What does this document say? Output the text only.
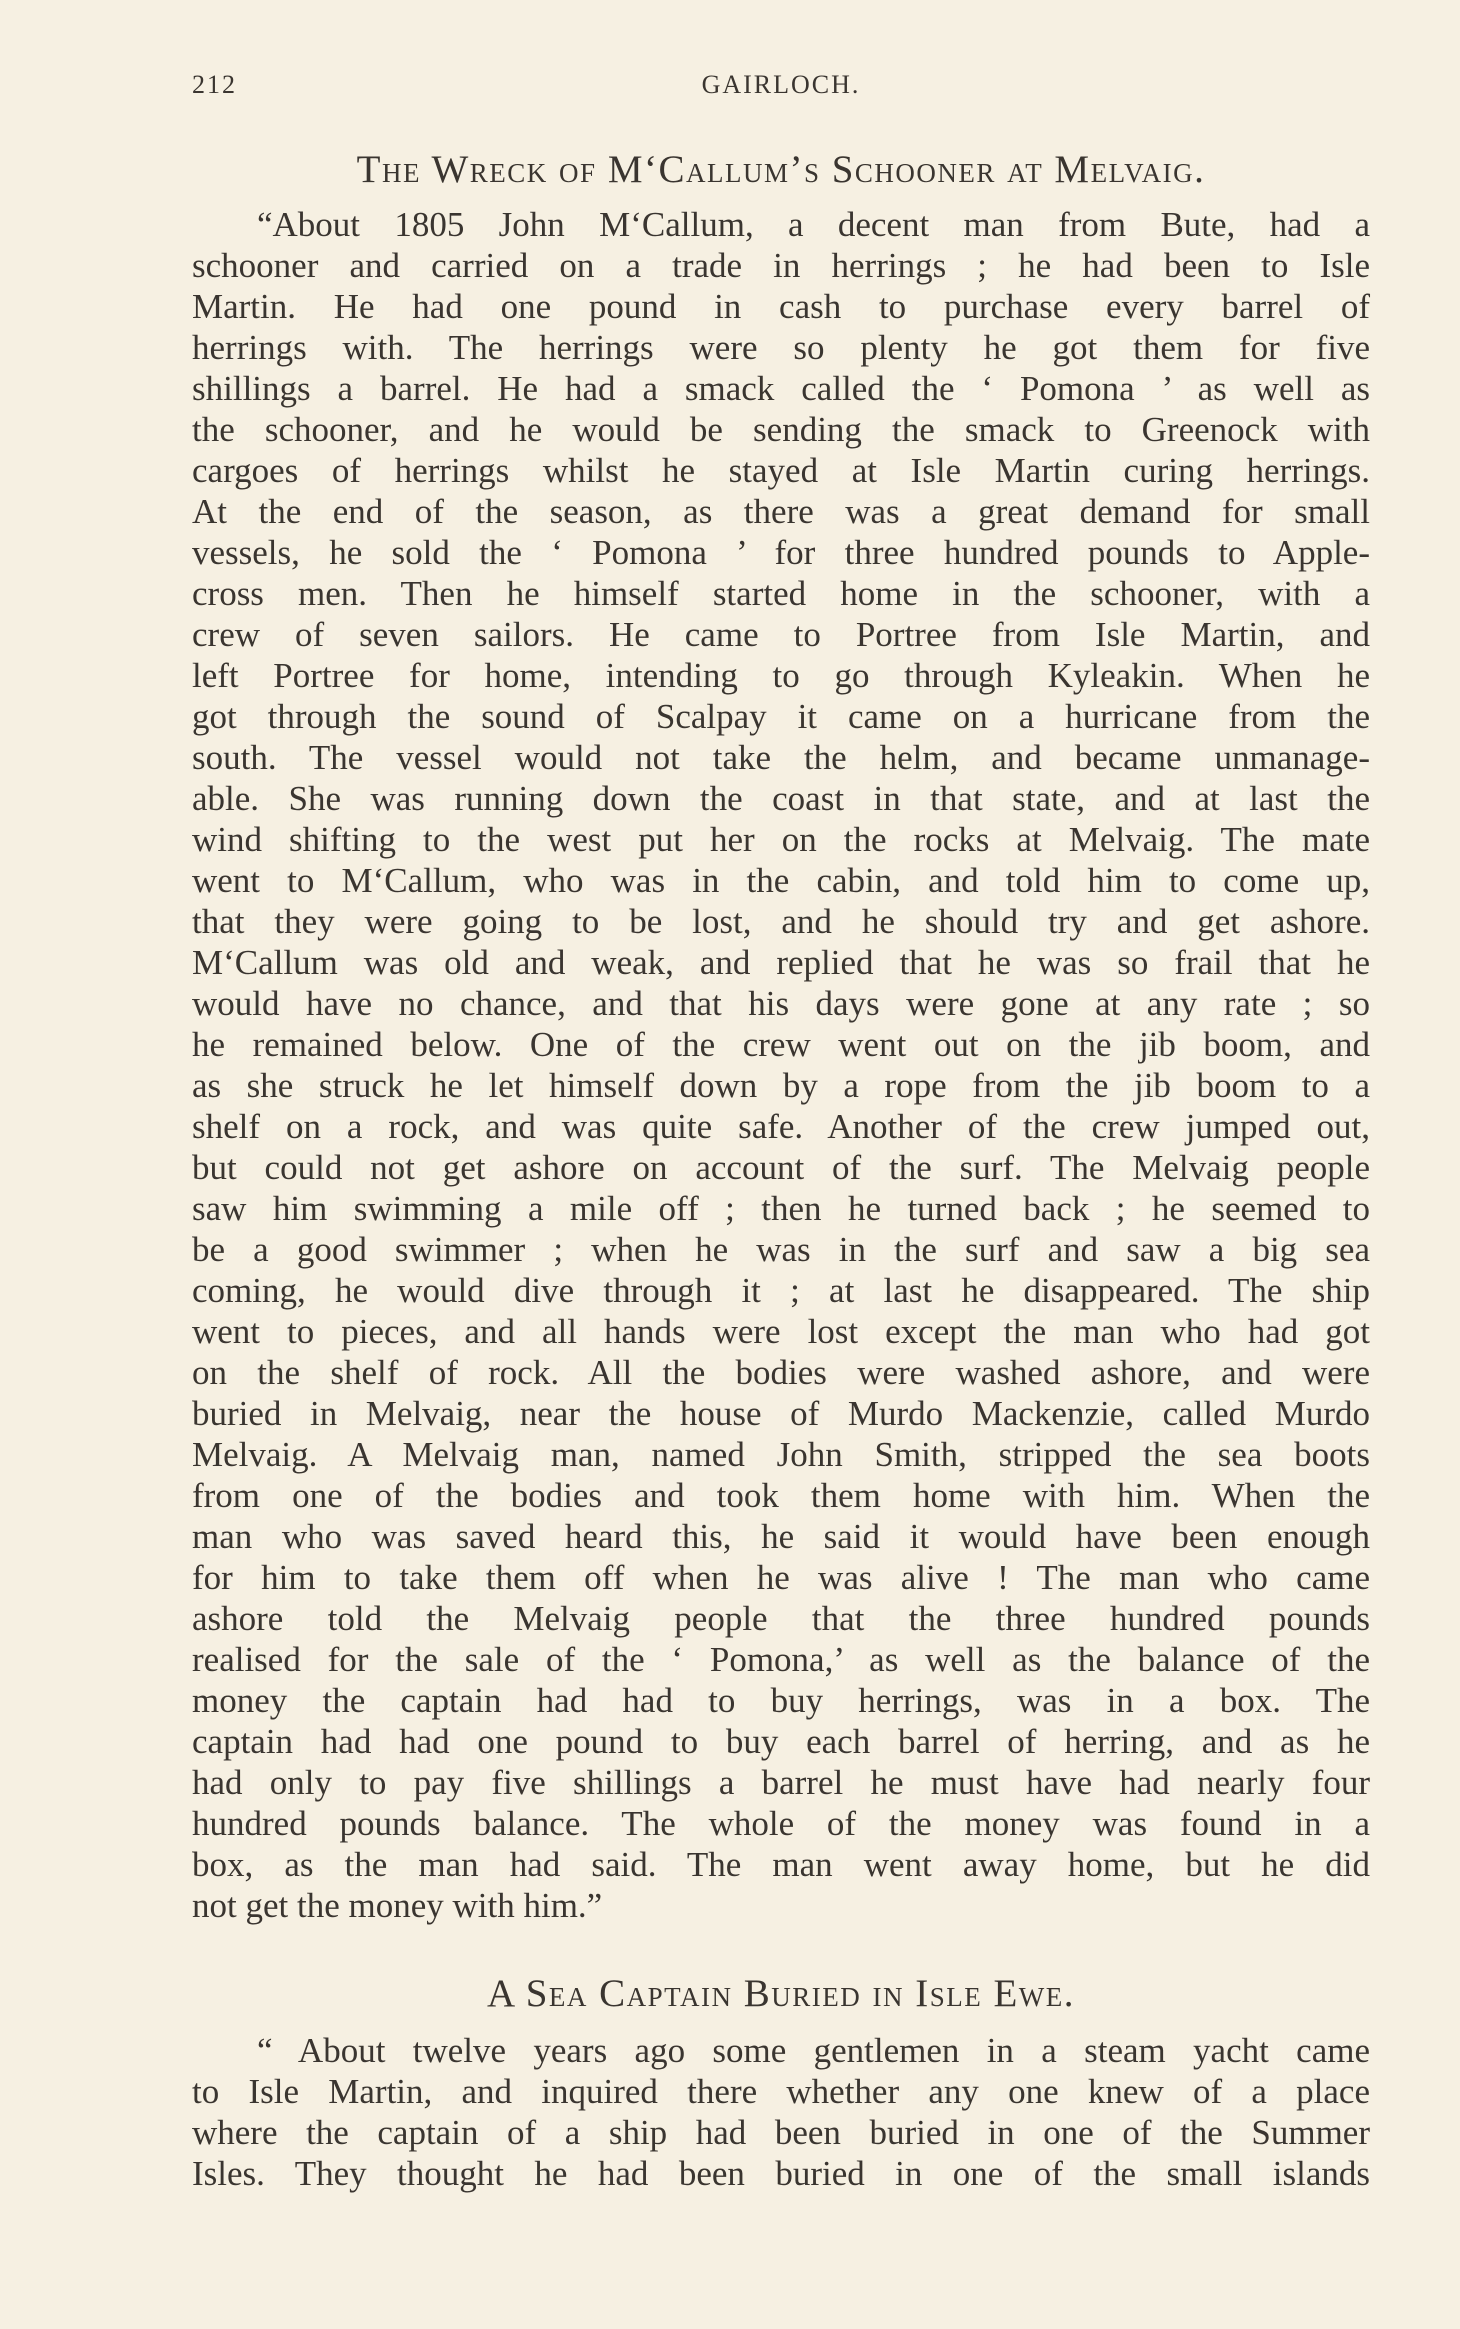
212	GAIRLOCH.
The Wreck of M‘Callum’s Schooner at Melvaig.

“About 1805 John M‘Callum, a decent man from Bute, had a
schooner and carried on a trade in herrings ; he had been to Isle
Martin. He had one pound in cash to purchase every barrel of
herrings with. The herrings were so plenty he got them for five
shillings a barrel. He had a smack called the ‘ Pomona ’ as well as
the schooner, and he would be sending the smack to Greenock with
cargoes of herrings whilst he stayed at Isle Martin curing herrings.
At the end of the season, as there was a great demand for small
vessels, he sold the ‘ Pomona ’ for three hundred pounds to Apple-
cross men. Then he himself started home in the schooner, with a
crew of seven sailors. He came to Portree from Isle Martin, and
left Portree for home, intending to go through Kyleakin. When he
got through the sound of Scalpay it came on a hurricane from the
south. The vessel would not take the helm, and became unmanage-
able. She was running down the coast in that state, and at last the
wind shifting to the west put her on the rocks at Melvaig. The mate
went to M‘Callum, who was in the cabin, and told him to come up,
that they were going to be lost, and he should try and get ashore.
M‘Callum was old and weak, and replied that he was so frail that he
would have no chance, and that his days were gone at any rate ; so
he remained below. One of the crew went out on the jib boom, and
as she struck he let himself down by a rope from the jib boom to a
shelf on a rock, and was quite safe. Another of the crew jumped out,
but could not get ashore on account of the surf. The Melvaig people
saw him swimming a mile off ; then he turned back ; he seemed to
be a good swimmer ; when he was in the surf and saw a big sea
coming, he would dive through it ; at last he disappeared. The ship
went to pieces, and all hands were lost except the man who had got
on the shelf of rock. All the bodies were washed ashore, and were
buried in Melvaig, near the house of Murdo Mackenzie, called Murdo
Melvaig. A Melvaig man, named John Smith, stripped the sea boots
from one of the bodies and took them home with him. When the
man who was saved heard this, he said it would have been enough
for him to take them off when he was alive ! The man who came
ashore told the Melvaig people that the three hundred pounds
realised for the sale of the ‘ Pomona,’ as well as the balance of the
money the captain had had to buy herrings, was in a box. The
captain had had one pound to buy each barrel of herring, and as he
had only to pay five shillings a barrel he must have had nearly four
hundred pounds balance. The whole of the money was found in a
box, as the man had said. The man went away home, but he did
not get the money with him.”

A Sea Captain Buried in Isle Ewe.

“ About twelve years ago some gentlemen in a steam yacht came
to Isle Martin, and inquired there whether any one knew of a place
where the captain of a ship had been buried in one of the Summer
Isles. They thought he had been buried in one of the small islands
